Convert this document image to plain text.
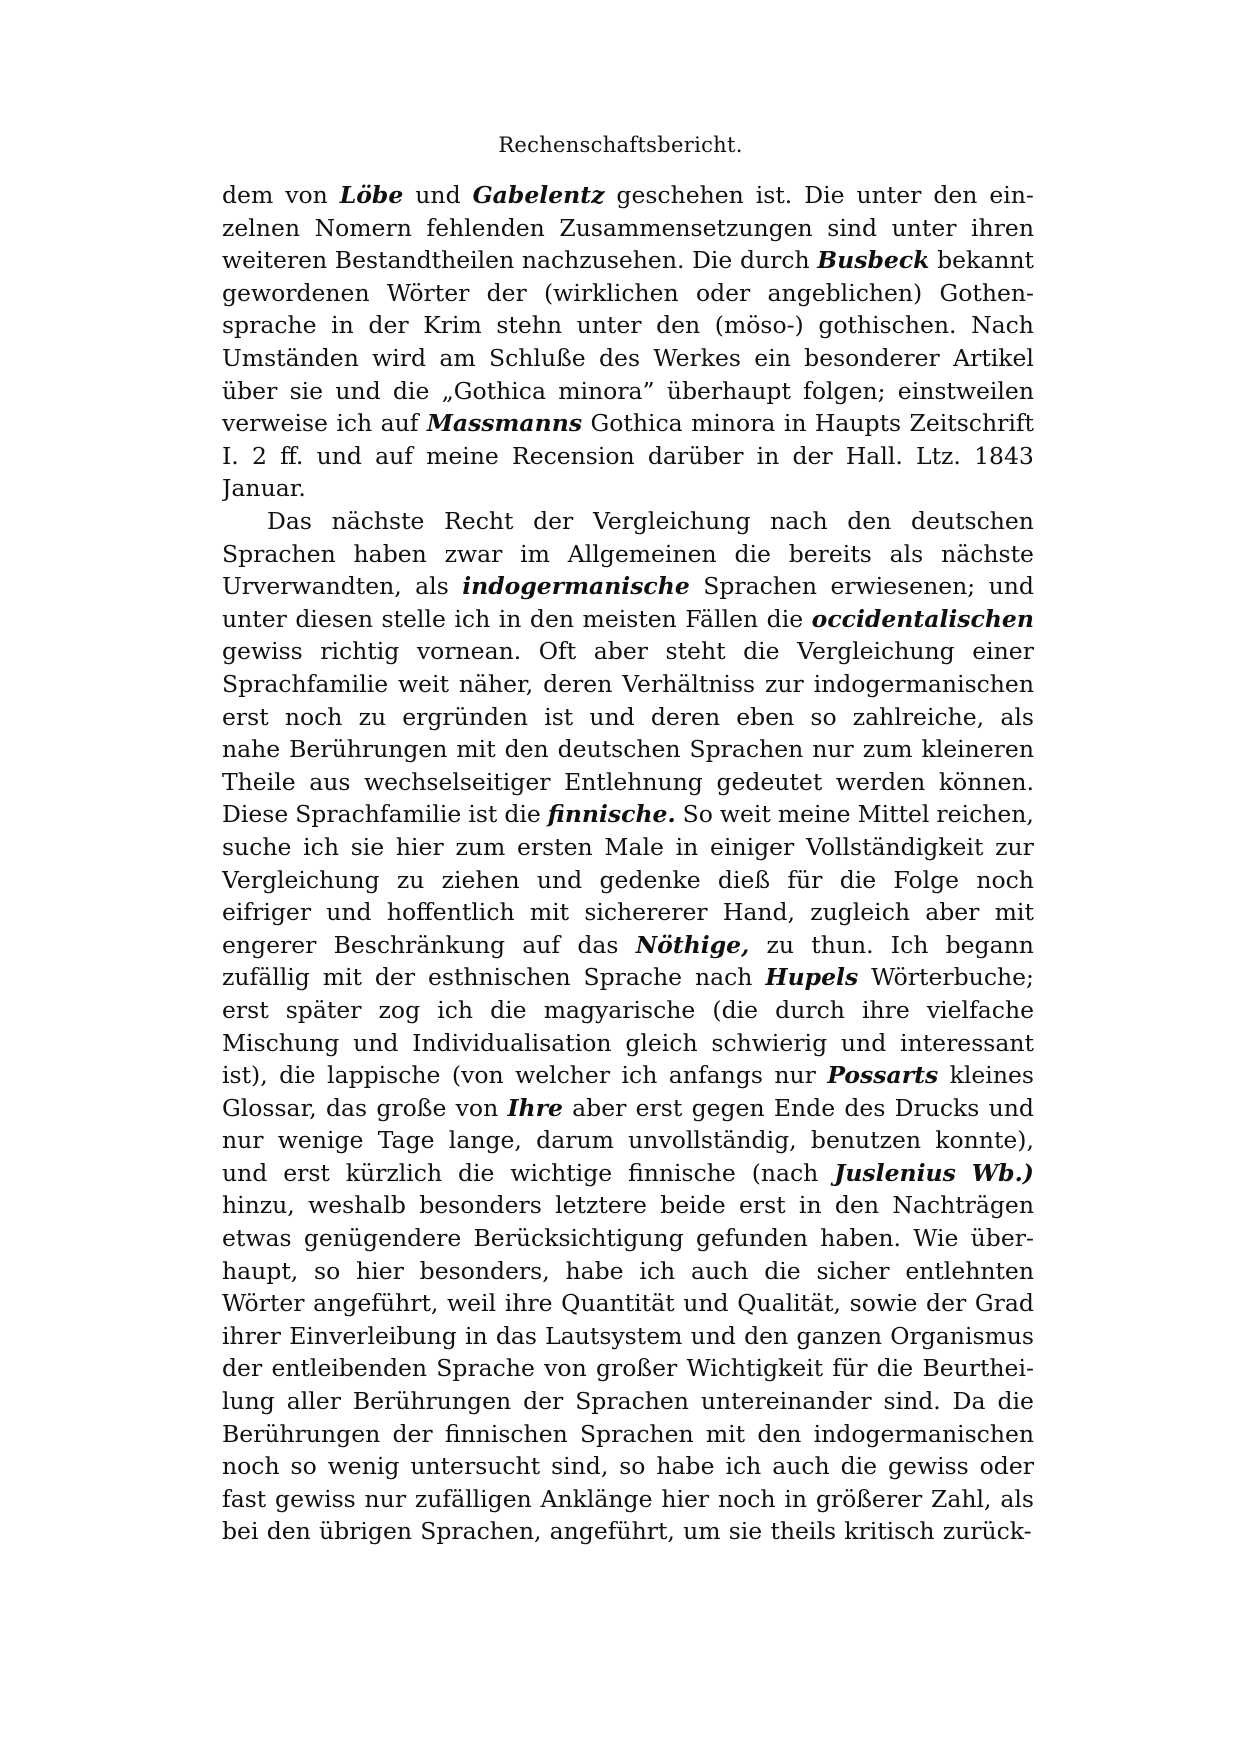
Rechenschaftsbericht.
dem von Löbe und Gabelentz geschehen ist. Die unter den ein-
zelnen Nomern fehlenden Zusammensetzungen sind unter ihren
weiteren Bestandtheilen nachzusehen. Die durch Busbeck bekannt
gewordenen Wörter der (wirklichen oder angeblichen) Gothen-
sprache in der Krim stehn unter den (möso-) gothischen. Nach
Umständen wird am Schluße des Werkes ein besonderer Artikel
über sie und die „Gothica minora” überhaupt folgen; einstweilen
verweise ich auf Massmanns Gothica minora in Haupts Zeitschrift
I. 2 ff. und auf meine Recension darüber in der Hall. Ltz. 1843
Januar.
Das nächste Recht der Vergleichung nach den deutschen
Sprachen haben zwar im Allgemeinen die bereits als nächste
Urverwandten, als indogermanische Sprachen erwiesenen; und
unter diesen stelle ich in den meisten Fällen die occidentalischen
gewiss richtig vornean. Oft aber steht die Vergleichung einer
Sprachfamilie weit näher, deren Verhältniss zur indogermanischen
erst noch zu ergründen ist und deren eben so zahlreiche, als
nahe Berührungen mit den deutschen Sprachen nur zum kleineren
Theile aus wechselseitiger Entlehnung gedeutet werden können.
Diese Sprachfamilie ist die finnische. So weit meine Mittel reichen,
suche ich sie hier zum ersten Male in einiger Vollständigkeit zur
Vergleichung zu ziehen und gedenke dieß für die Folge noch
eifriger und hoffentlich mit sichererer Hand, zugleich aber mit
engerer Beschränkung auf das Nöthige, zu thun. Ich begann
zufällig mit der esthnischen Sprache nach Hupels Wörterbuche;
erst später zog ich die magyarische (die durch ihre vielfache
Mischung und Individualisation gleich schwierig und interessant
ist), die lappische (von welcher ich anfangs nur Possarts kleines
Glossar, das große von Ihre aber erst gegen Ende des Drucks und
nur wenige Tage lange, darum unvollständig, benutzen konnte),
und erst kürzlich die wichtige finnische (nach Juslenius Wb.)
hinzu, weshalb besonders letztere beide erst in den Nachträgen
etwas genügendere Berücksichtigung gefunden haben. Wie über-
haupt, so hier besonders, habe ich auch die sicher entlehnten
Wörter angeführt, weil ihre Quantität und Qualität, sowie der Grad
ihrer Einverleibung in das Lautsystem und den ganzen Organismus
der entleibenden Sprache von großer Wichtigkeit für die Beurthei-
lung aller Berührungen der Sprachen untereinander sind. Da die
Berührungen der finnischen Sprachen mit den indogermanischen
noch so wenig untersucht sind, so habe ich auch die gewiss oder
fast gewiss nur zufälligen Anklänge hier noch in größerer Zahl, als
bei den übrigen Sprachen, angeführt, um sie theils kritisch zurück-
